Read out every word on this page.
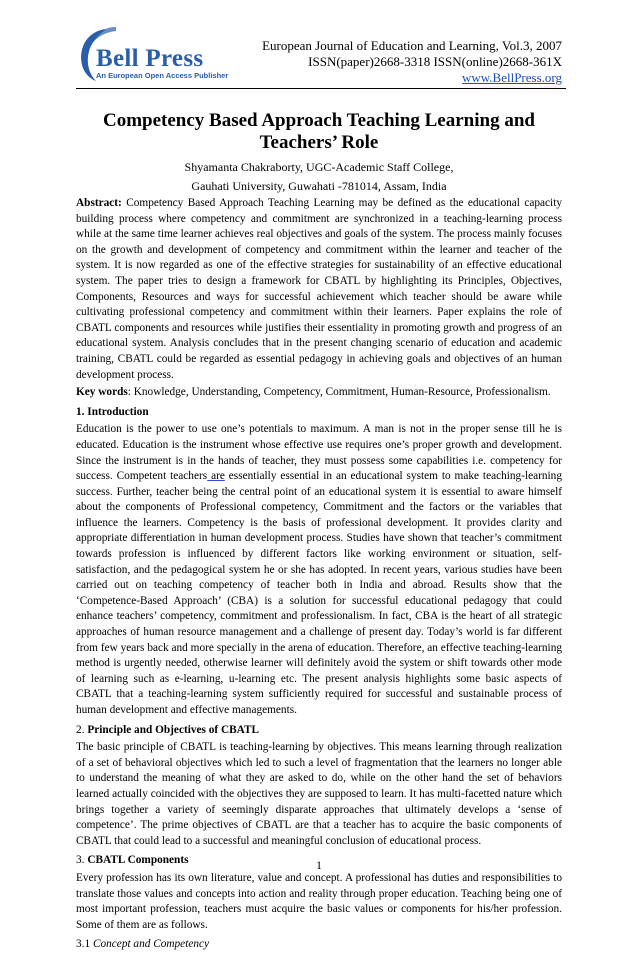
Bell Press
An European Open Access Publisher
European Journal of Education and Learning, Vol.3, 2007
ISSN(paper)2668-3318 ISSN(online)2668-361X
www.BellPress.org
Competency Based Approach Teaching Learning and Teachers’ Role
Shyamanta Chakraborty, UGC-Academic Staff College,
Gauhati University, Guwahati -781014, Assam, India

Abstract: Competency Based Approach Teaching Learning may be defined as the educational capacity building process where competency and commitment are synchronized in a teaching-learning process while at the same time learner achieves real objectives and goals of the system. The process mainly focuses on the growth and development of competency and commitment within the learner and teacher of the system. It is now regarded as one of the effective strategies for sustainability of an effective educational system. The paper tries to design a framework for CBATL by highlighting its Principles, Objectives, Components, Resources and ways for successful achievement which teacher should be aware while cultivating professional competency and commitment within their learners. Paper explains the role of CBATL components and resources while justifies their essentiality in promoting growth and progress of an educational system. Analysis concludes that in the present changing scenario of education and academic training, CBATL could be regarded as essential pedagogy in achieving goals and objectives of an human development process.

Key words: Knowledge, Understanding, Competency, Commitment, Human-Resource, Professionalism.

1. Introduction

Education is the power to use one’s potentials to maximum. A man is not in the proper sense till he is educated. Education is the instrument whose effective use requires one’s proper growth and development. Since the instrument is in the hands of teacher, they must possess some capabilities i.e. competency for success. Competent teachers are essentially essential in an educational system to make teaching-learning success. Further, teacher being the central point of an educational system it is essential to aware himself about the components of Professional competency, Commitment and the factors or the variables that influence the learners. Competency is the basis of professional development. It provides clarity and appropriate differentiation in human development process. Studies have shown that teacher’s commitment towards profession is influenced by different factors like working environment or situation, self-satisfaction, and the pedagogical system he or she has adopted. In recent years, various studies have been carried out on teaching competency of teacher both in India and abroad. Results show that the ‘Competence-Based Approach’ (CBA) is a solution for successful educational pedagogy that could enhance teachers’ competency, commitment and professionalism. In fact, CBA is the heart of all strategic approaches of human resource management and a challenge of present day. Today’s world is far different from few years back and more specially in the arena of education. Therefore, an effective teaching-learning method is urgently needed, otherwise learner will definitely avoid the system or shift towards other mode of learning such as e-learning, u-learning etc. The present analysis highlights some basic aspects of CBATL that a teaching-learning system sufficiently required for successful and sustainable process of human development and effective managements.

2. Principle and Objectives of CBATL

The basic principle of CBATL is teaching-learning by objectives. This means learning through realization of a set of behavioral objectives which led to such a level of fragmentation that the learners no longer able to understand the meaning of what they are asked to do, while on the other hand the set of behaviors learned actually coincided with the objectives they are supposed to learn. It has multi-facetted nature which brings together a variety of seemingly disparate approaches that ultimately develops a ‘sense of competence’. The prime objectives of CBATL are that a teacher has to acquire the basic components of CBATL that could lead to a successful and meaningful conclusion of educational process.

3. CBATL Components

Every profession has its own literature, value and concept. A professional has duties and responsibilities to translate those values and concepts into action and reality through proper education. Teaching being one of most important profession, teachers must acquire the basic values or components for his/her profession. Some of them are as follows.

3.1 Concept and Competency
1
